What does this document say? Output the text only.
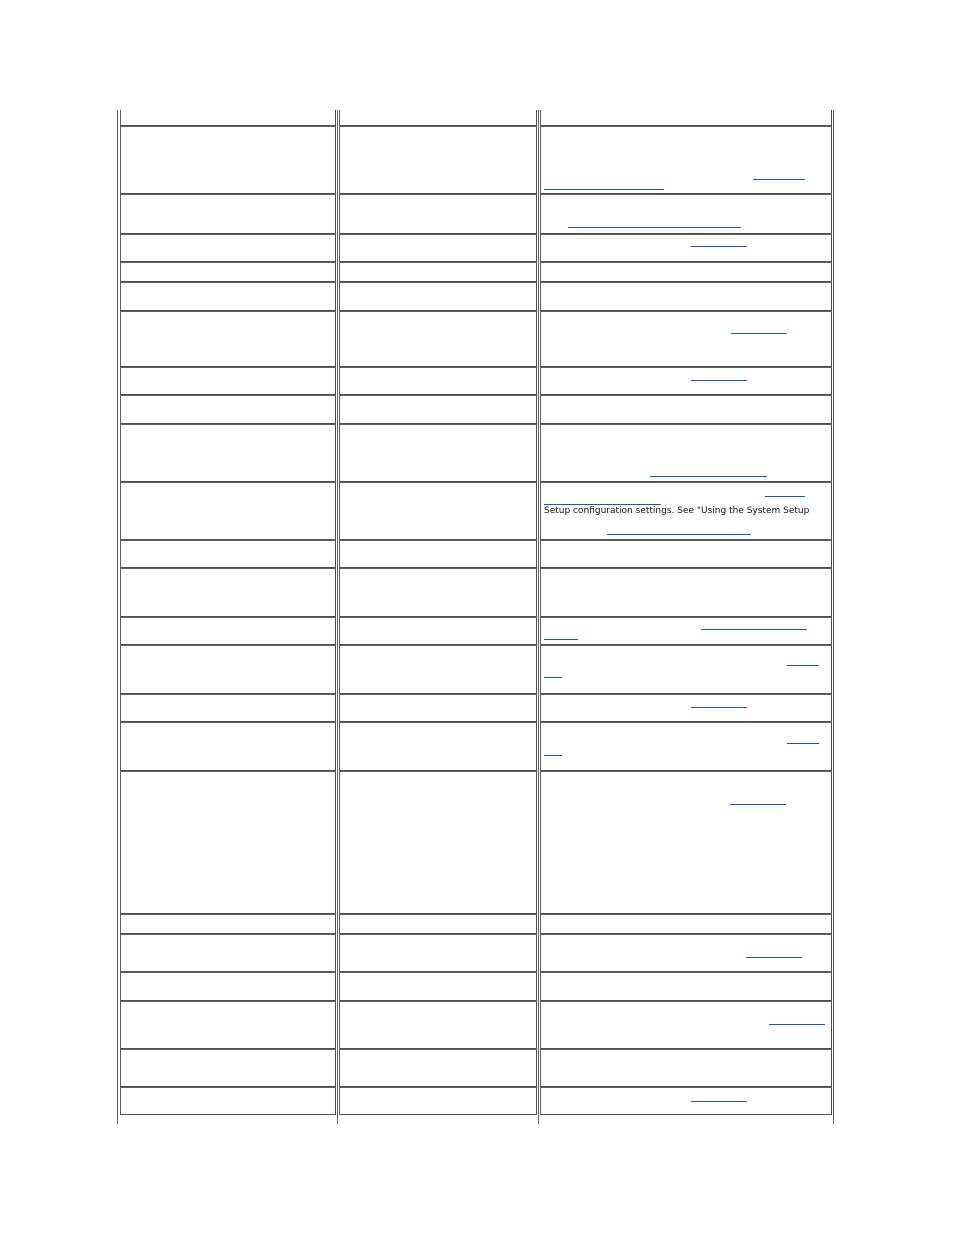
Setup configuration settings. See "Using the System Setup
